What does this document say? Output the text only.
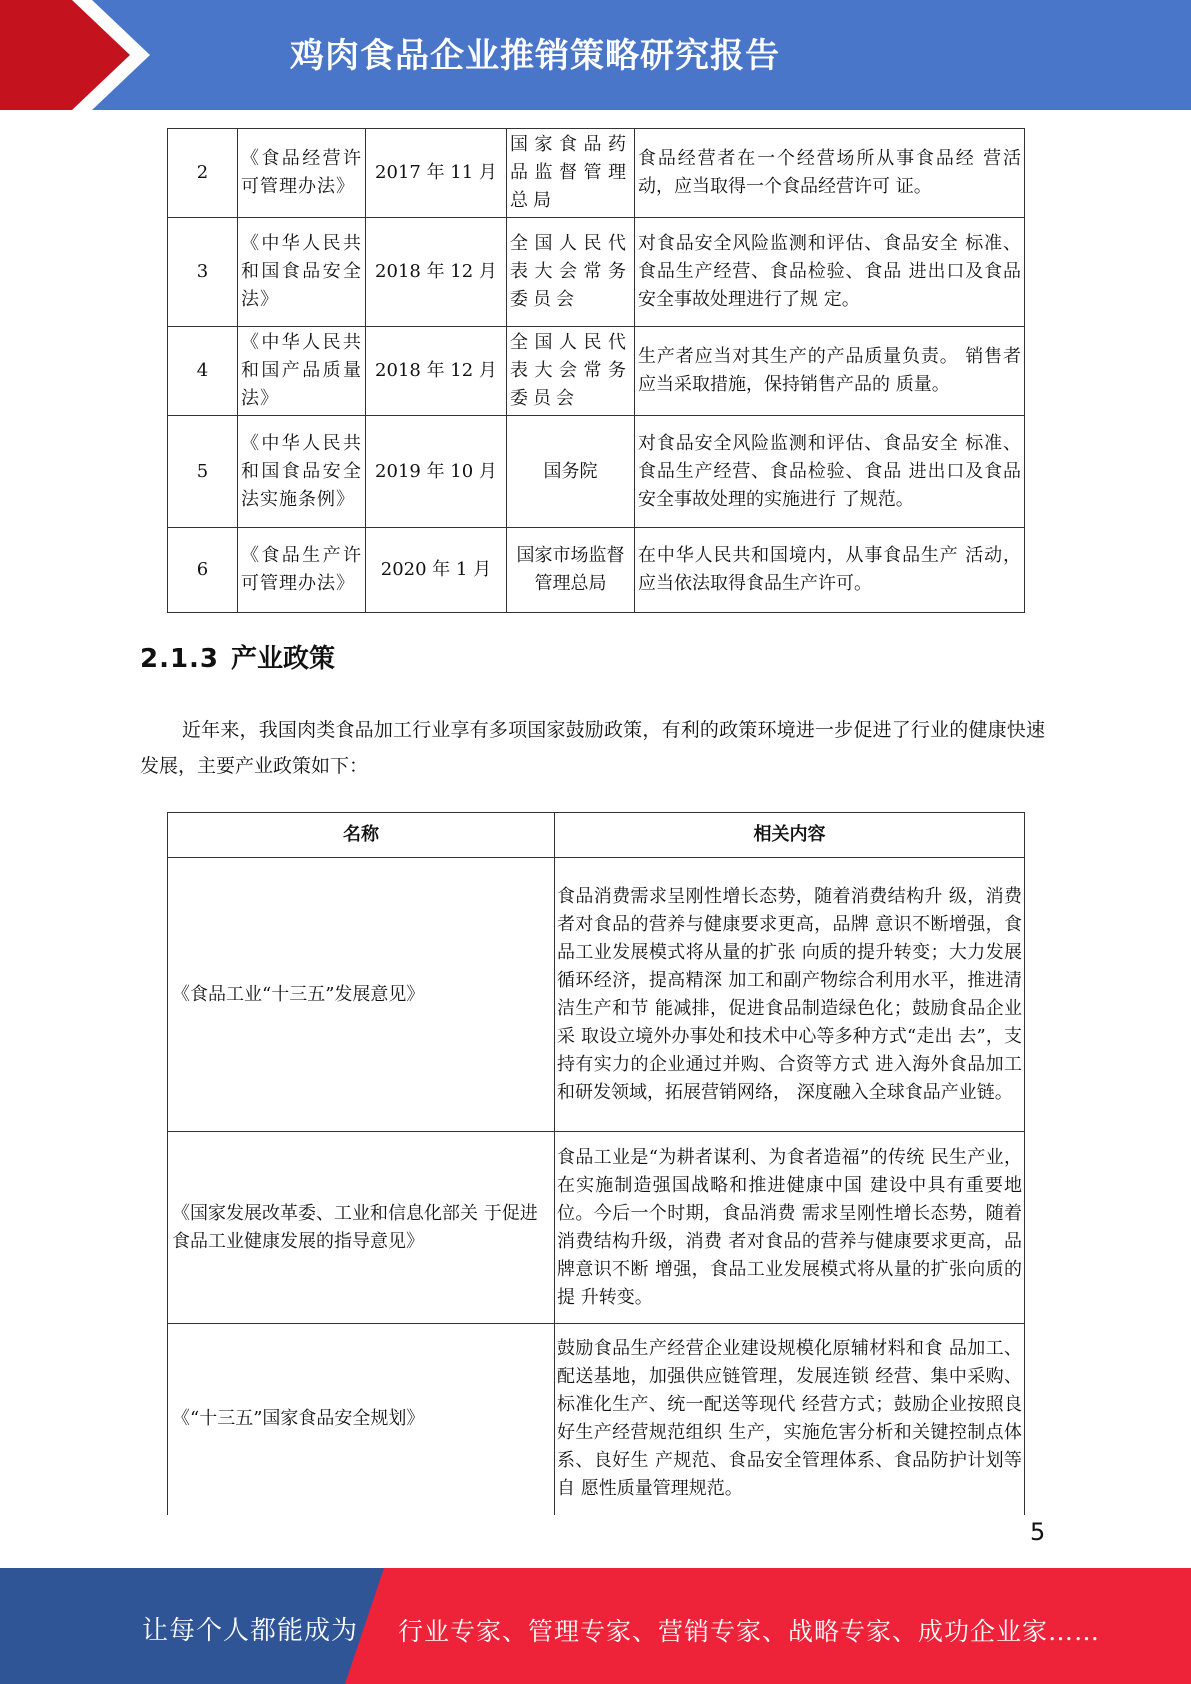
鸡肉食品企业推销策略研究报告
2	《食品经营许可管理办法》	2017 年 11 月	国家食品药品监督管理总局	食品经营者在一个经营场所从事食品经 营活动，应当取得一个食品经营许可 证。
3	《中华人民共和国食品安全法》	2018 年 12 月	全国人民代表大会常务委员会	对食品安全风险监测和评估、食品安全 标准、食品生产经营、食品检验、食品 进出口及食品安全事故处理进行了规 定。
4	《中华人民共和国产品质量法》	2018 年 12 月	全国人民代表大会常务委员会	生产者应当对其生产的产品质量负责。 销售者应当采取措施，保持销售产品的 质量。
5	《中华人民共和国食品安全法实施条例》	2019 年 10 月	国务院	对食品安全风险监测和评估、食品安全 标准、食品生产经营、食品检验、食品 进出口及食品安全事故处理的实施进行 了规范。
6	《食品生产许可管理办法》	2020 年 1 月	国家市场监督管理总局	在中华人民共和国境内，从事食品生产 活动，应当依法取得食品生产许可。
2.1.3 产业政策
近年来，我国肉类食品加工行业享有多项国家鼓励政策，有利的政策环境进一步促进了行业的健康快速发展，主要产业政策如下：
名称	相关内容
《食品工业“十三五”发展意见》	食品消费需求呈刚性增长态势，随着消费结构升 级，消费者对食品的营养与健康要求更高，品牌 意识不断增强，食品工业发展模式将从量的扩张 向质的提升转变；大力发展循环经济，提高精深 加工和副产物综合利用水平，推进清洁生产和节 能减排，促进食品制造绿色化；鼓励食品企业采 取设立境外办事处和技术中心等多种方式“走出 去”，支持有实力的企业通过并购、合资等方式 进入海外食品加工和研发领域，拓展营销网络， 深度融入全球食品产业链。
《国家发展改革委、工业和信息化部关 于促进食品工业健康发展的指导意见》	食品工业是“为耕者谋利、为食者造福”的传统 民生产业，在实施制造强国战略和推进健康中国 建设中具有重要地位。今后一个时期，食品消费 需求呈刚性增长态势，随着消费结构升级，消费 者对食品的营养与健康要求更高，品牌意识不断 增强，食品工业发展模式将从量的扩张向质的提 升转变。
《“十三五”国家食品安全规划》	鼓励食品生产经营企业建设规模化原辅材料和食 品加工、配送基地，加强供应链管理，发展连锁 经营、集中采购、标准化生产、统一配送等现代 经营方式；鼓励企业按照良好生产经营规范组织 生产，实施危害分析和关键控制点体系、良好生 产规范、食品安全管理体系、食品防护计划等自 愿性质量管理规范。
5
让每个人都能成为 行业专家、管理专家、营销专家、战略专家、成功企业家……
